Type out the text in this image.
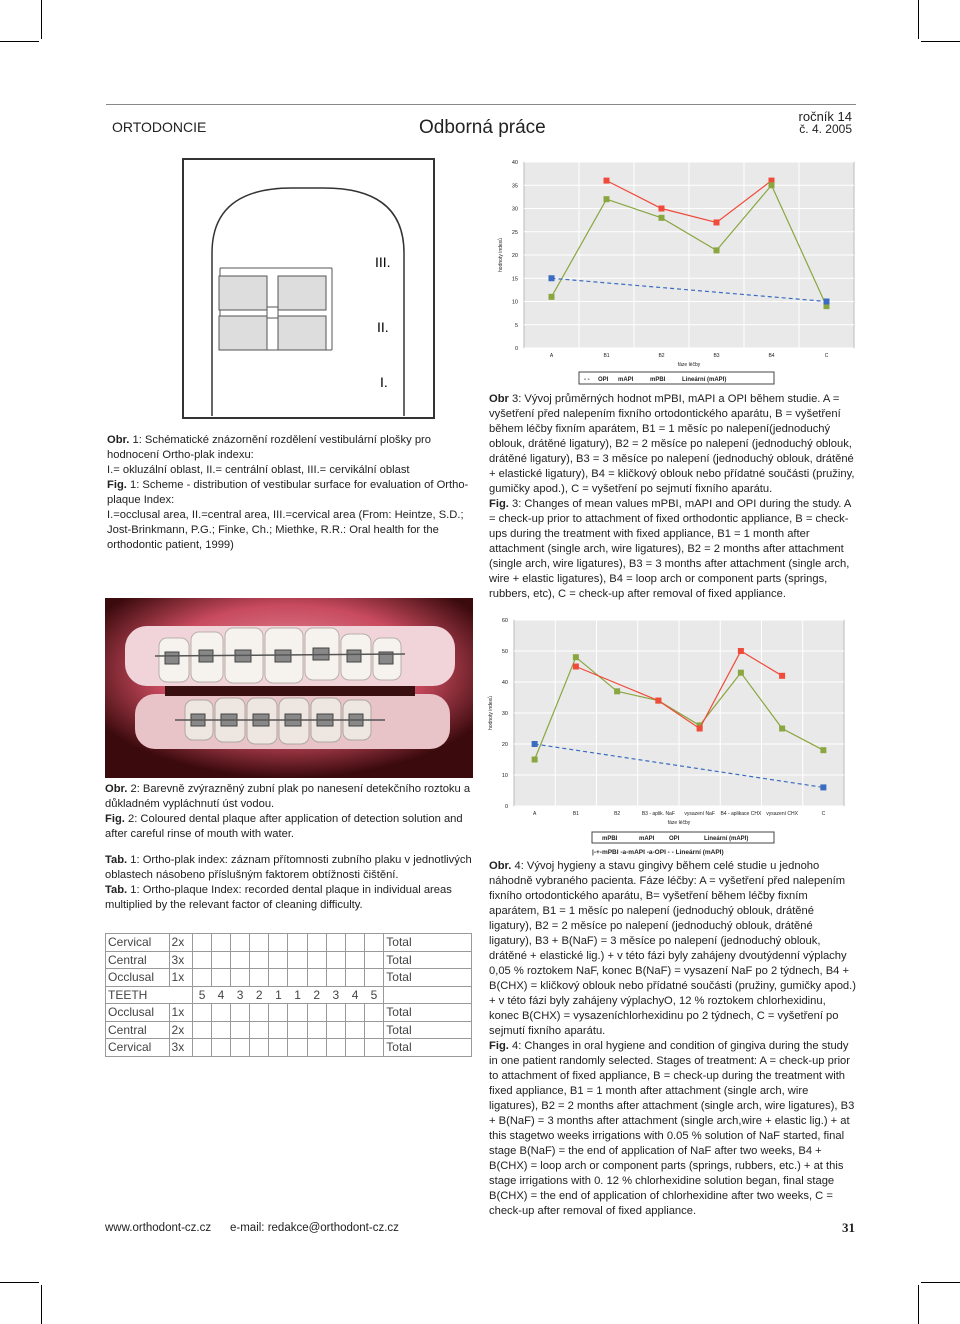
ORTODONCIE	Odborná práce
ročník 14
č. 4. 2005
III.
II.
I.
Obr. 1: Schématické znázornění rozdělení vestibulární plošky pro hodnocení Ortho-plak indexu:
I.= okluzální oblast, II.= centrální oblast, III.= cervikální oblast
Fig. 1: Scheme - distribution of vestibular surface for evaluation of Ortho-plaque Index:
I.=occlusal area, II.=central area, III.=cervical area (From: Heintze, S.D.; Jost-Brinkmann, P.G.; Finke, Ch.; Miethke, R.R.: Oral health for the orthodontic patient, 1999)
0
5
10
15
20
25
30
35
40
A	B1	B2	B3	B4	C
fáze léčby
hodnoty indexů
- - OPI mAPI	mPBI	Lineární (mAPI)
Obr 3: Vývoj průměrných hodnot mPBI, mAPI a OPI během studie. A = vyšetření před nalepením fixního ortodontického aparátu, B = vyšetření během léčby fixním aparátem, B1 = 1 měsíc po nalepení(jednoduchý oblouk, drátěné ligatury), B2 = 2 měsíce po nalepení (jednoduchý oblouk, drátěné ligatury), B3 = 3 měsíce po nalepení (jednoduchý oblouk, drátěné + elastické ligatury), B4 = kličkový oblouk nebo přídatné součásti (pružiny, gumičky apod.), C = vyšetření po sejmutí fixního aparátu.
Fig. 3: Changes of mean values mPBI, mAPI and OPI during the study. A = check-up prior to attachment of fixed orthodontic appliance, B = check-ups during the treatment with fixed appliance, B1 = 1 month after attachment (single arch, wire ligatures), B2 = 2 months after attachment (single arch, wire ligatures), B3 = 3 months after attachment (single arch, wire + elastic ligatures), B4 = loop arch or component parts (springs, rubbers, etc), C = check-up after removal of fixed appliance.
Obr. 2: Barevně zvýrazněný zubní plak po nanesení detekčního roztoku a důkladném vypláchnutí úst vodou.
Fig. 2: Coloured dental plaque after application of detection solution and after careful rinse of mouth with water.
Tab. 1: Ortho-plak index: záznam přítomnosti zubního plaku v jednotlivých oblastech násobeno příslušným faktorem obtížnosti čištění.
Tab. 1: Ortho-plaque Index: recorded dental plaque in individual areas multiplied by the relevant factor of cleaning difficulty.
Cervical	2x											Total
Central	3x											Total
Occlusal	1x											Total
TEETH		5	4	3	2	1	1	2	3	4	5	
Occlusal	1x											Total
Central	2x											Total
Cervical	3x											Total
0
10
20
30
40
50
60
A	B1	B2	B3 - aplik. NaF vysazení NaF B4 - aplikace CHX vysazení CHX	C
fáze léčby
hodnoty indexů
mPBI	mAPI OPI	Lineární (mAPI)
|-+-mPBI -a-mAPI -a-OPI - - Lineární (mAPI)
Obr. 4: Vývoj hygieny a stavu gingivy během celé studie u jednoho náhodně vybraného pacienta. Fáze léčby: A = vyšetření před nalepením fixního ortodontického aparátu, B= vyšetření během léčby fixním aparátem, B1 = 1 měsíc po nalepení (jednoduchý oblouk, drátěné ligatury), B2 = 2 měsíce po nalepení (jednoduchý oblouk, drátěné ligatury), B3 + B(NaF) = 3 měsíce po nalepení (jednoduchý oblouk, drátěné + elastické lig.) + v této fázi byly zahájeny dvoutýdenní výplachy 0,05 % roztokem NaF, konec B(NaF) = vysazení NaF po 2 týdnech, B4 + B(CHX) = kličkový oblouk nebo přídatné součásti (pružiny, gumičky apod.) + v této fázi byly zahájeny výplachyO, 12 % roztokem chlorhexidinu, konec B(CHX) = vysazeníchlorhexidinu po 2 týdnech, C = vyšetření po sejmutí fixního aparátu.
Fig. 4: Changes in oral hygiene and condition of gingiva during the study in one patient randomly selected. Stages of treatment: A = check-up prior to attachment of fixed appliance, B = check-up during the treatment with fixed appliance, B1 = 1 month after attachment (single arch, wire ligatures), B2 = 2 months after attachment (single arch, wire ligatures), B3 + B(NaF) = 3 months after attachment (single arch,wire + elastic lig.) + at this stagetwo weeks irrigations with 0.05 % solution of NaF started, final stage B(NaF) = the end of application of NaF after two weeks, B4 + B(CHX) = loop arch or component parts (springs, rubbers, etc.) + at this stage irrigations with 0. 12 % chlorhexidine solution began, final stage B(CHX) = the end of application of chlorhexidine after two weeks, C = check-up after removal of fixed appliance.
www.orthodont-cz.cz e-mail: redakce@orthodont-cz.cz	31
